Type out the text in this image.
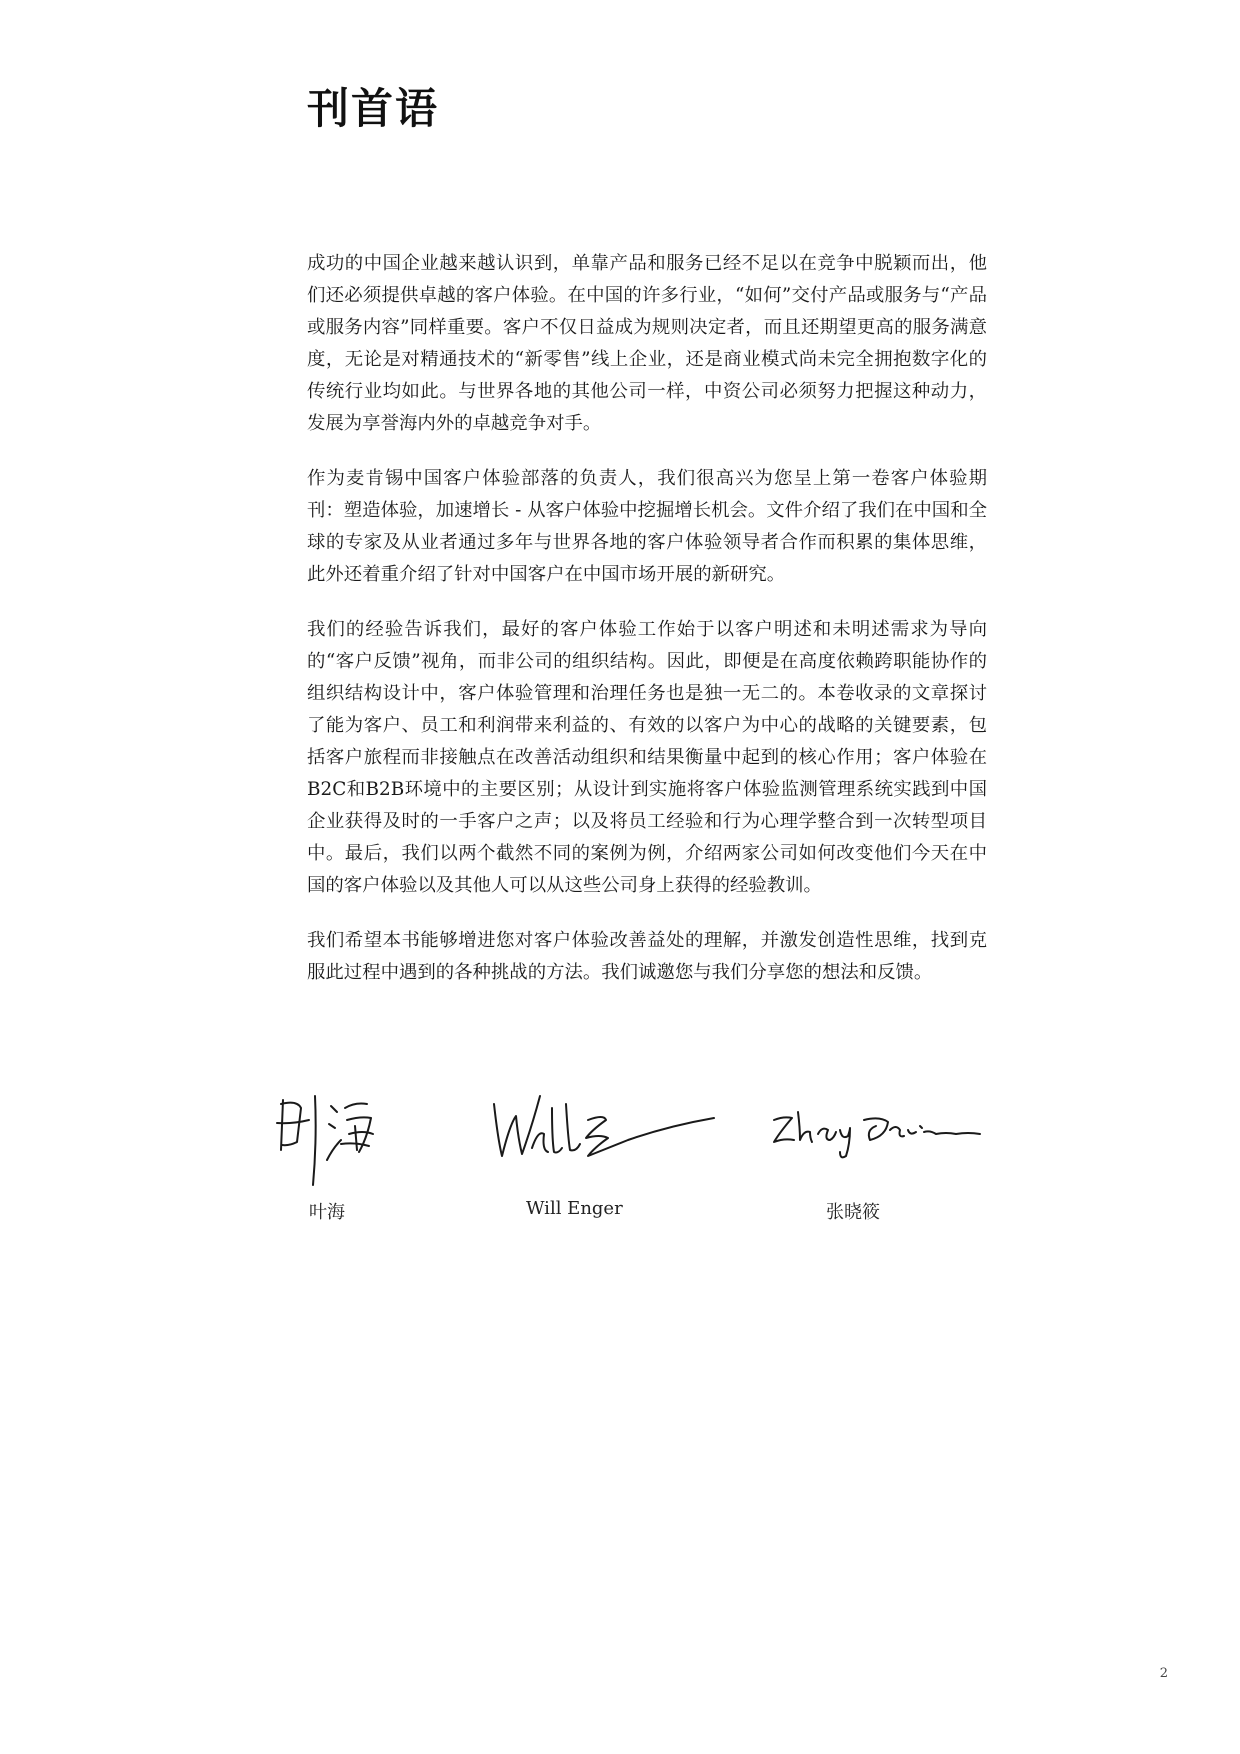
刊首语

成功的中国企业越来越认识到，单靠产品和服务已经不足以在竞争中脱颖而出，他们还必须提供卓越的客户体验。在中国的许多行业，“如何”交付产品或服务与“产品或服务内容”同样重要。客户不仅日益成为规则决定者，而且还期望更高的服务满意度，无论是对精通技术的“新零售”线上企业，还是商业模式尚未完全拥抱数字化的传统行业均如此。与世界各地的其他公司一样，中资公司必须努力把握这种动力，发展为享誉海内外的卓越竞争对手。

作为麦肯锡中国客户体验部落的负责人，我们很高兴为您呈上第一卷客户体验期刊：塑造体验，加速增长 - 从客户体验中挖掘增长机会。文件介绍了我们在中国和全球的专家及从业者通过多年与世界各地的客户体验领导者合作而积累的集体思维，此外还着重介绍了针对中国客户在中国市场开展的新研究。

我们的经验告诉我们，最好的客户体验工作始于以客户明述和未明述需求为导向的“客户反馈”视角，而非公司的组织结构。因此，即便是在高度依赖跨职能协作的组织结构设计中，客户体验管理和治理任务也是独一无二的。本卷收录的文章探讨了能为客户、员工和利润带来利益的、有效的以客户为中心的战略的关键要素，包括客户旅程而非接触点在改善活动组织和结果衡量中起到的核心作用；客户体验在B2C和B2B环境中的主要区别；从设计到实施将客户体验监测管理系统实践到中国企业获得及时的一手客户之声；以及将员工经验和行为心理学整合到一次转型项目中。最后，我们以两个截然不同的案例为例，介绍两家公司如何改变他们今天在中国的客户体验以及其他人可以从这些公司身上获得的经验教训。

我们希望本书能够增进您对客户体验改善益处的理解，并激发创造性思维，找到克服此过程中遇到的各种挑战的方法。我们诚邀您与我们分享您的想法和反馈。

叶海	Will Enger	张晓筱
2
